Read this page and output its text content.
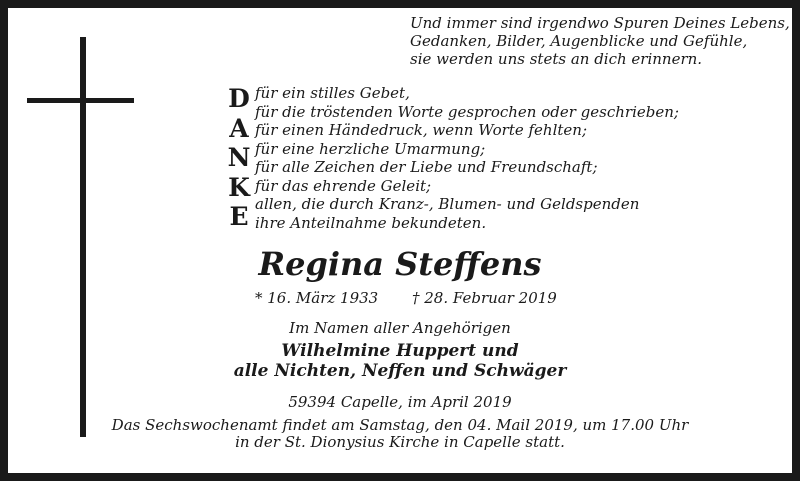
Und immer sind irgendwo Spuren Deines Lebens,
Gedanken, Bilder, Augenblicke und Gefühle,
sie werden uns stets an dich erinnern.
D
A
N
K
E
für ein stilles Gebet,
für die tröstenden Worte gesprochen oder geschrieben;
für einen Händedruck, wenn Worte fehlten;
für eine herzliche Umarmung;
für alle Zeichen der Liebe und Freundschaft;
für das ehrende Geleit;
allen, die durch Kranz-, Blumen- und Geldspenden
ihre Anteilnahme bekundeten.
Regina Steffens
* 16. März 1933 † 28. Februar 2019
Im Namen aller Angehörigen
Wilhelmine Huppert und
alle Nichten, Neffen und Schwäger
59394 Capelle, im April 2019
Das Sechswochenamt findet am Samstag, den 04. Mail 2019, um 17.00 Uhr
in der St. Dionysius Kirche in Capelle statt.
